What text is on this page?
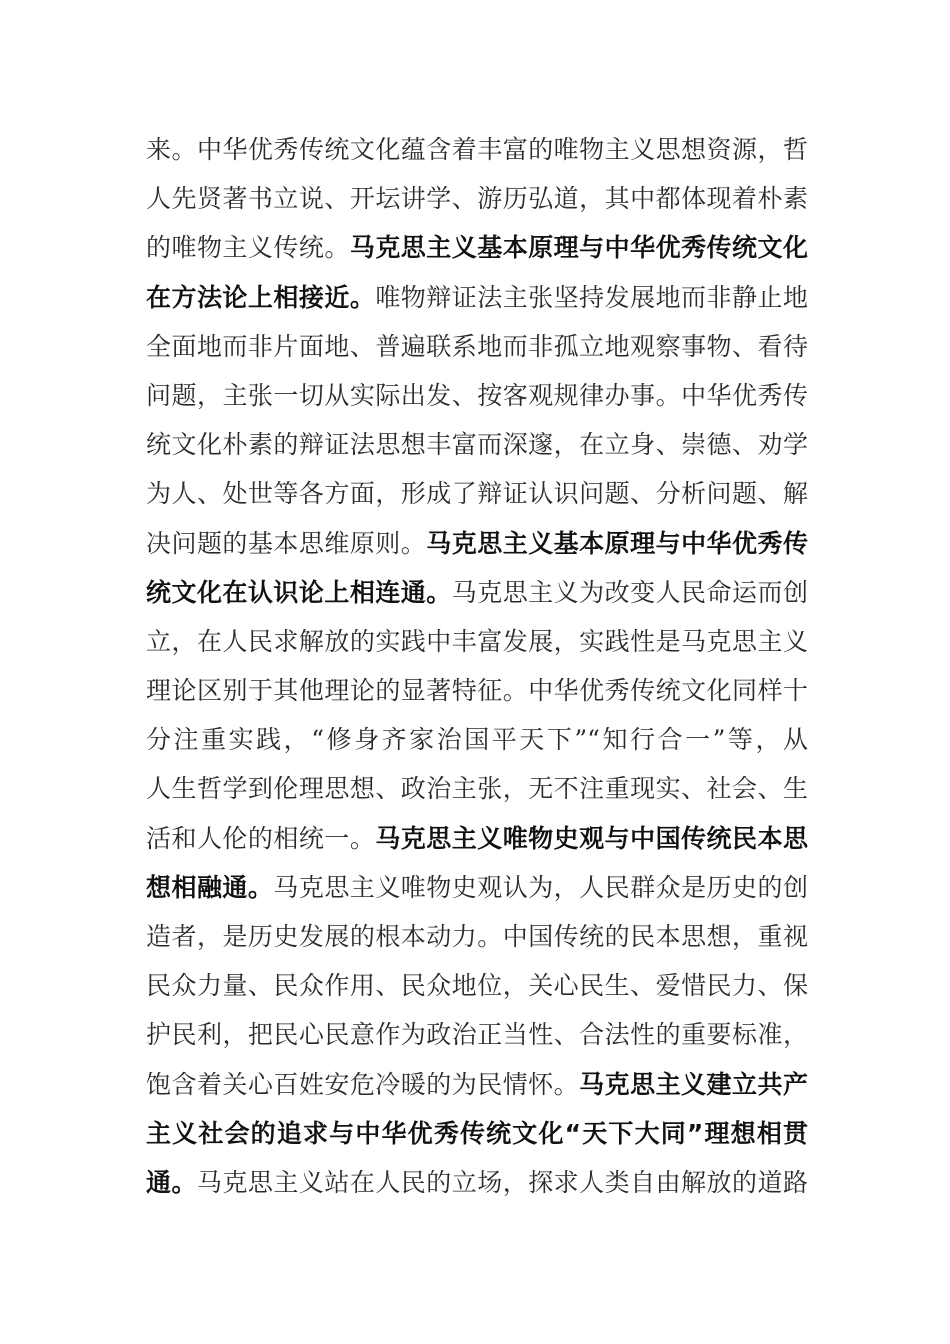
来。中华优秀传统文化蕴含着丰富的唯物主义思想资源，哲
人先贤著书立说、开坛讲学、游历弘道，其中都体现着朴素
的唯物主义传统。马克思主义基本原理与中华优秀传统文化
在方法论上相接近。唯物辩证法主张坚持发展地而非静止地
全面地而非片面地、普遍联系地而非孤立地观察事物、看待
问题，主张一切从实际出发、按客观规律办事。中华优秀传
统文化朴素的辩证法思想丰富而深邃，在立身、崇德、劝学
为人、处世等各方面，形成了辩证认识问题、分析问题、解
决问题的基本思维原则。马克思主义基本原理与中华优秀传
统文化在认识论上相连通。马克思主义为改变人民命运而创
立，在人民求解放的实践中丰富发展，实践性是马克思主义
理论区别于其他理论的显著特征。中华优秀传统文化同样十
分注重实践，“修身齐家治国平天下”“知行合一”等，从
人生哲学到伦理思想、政治主张，无不注重现实、社会、生
活和人伦的相统一。马克思主义唯物史观与中国传统民本思
想相融通。马克思主义唯物史观认为，人民群众是历史的创
造者，是历史发展的根本动力。中国传统的民本思想，重视
民众力量、民众作用、民众地位，关心民生、爱惜民力、保
护民利，把民心民意作为政治正当性、合法性的重要标准，
饱含着关心百姓安危冷暖的为民情怀。马克思主义建立共产
主义社会的追求与中华优秀传统文化“天下大同”理想相贯
通。马克思主义站在人民的立场，探求人类自由解放的道路
